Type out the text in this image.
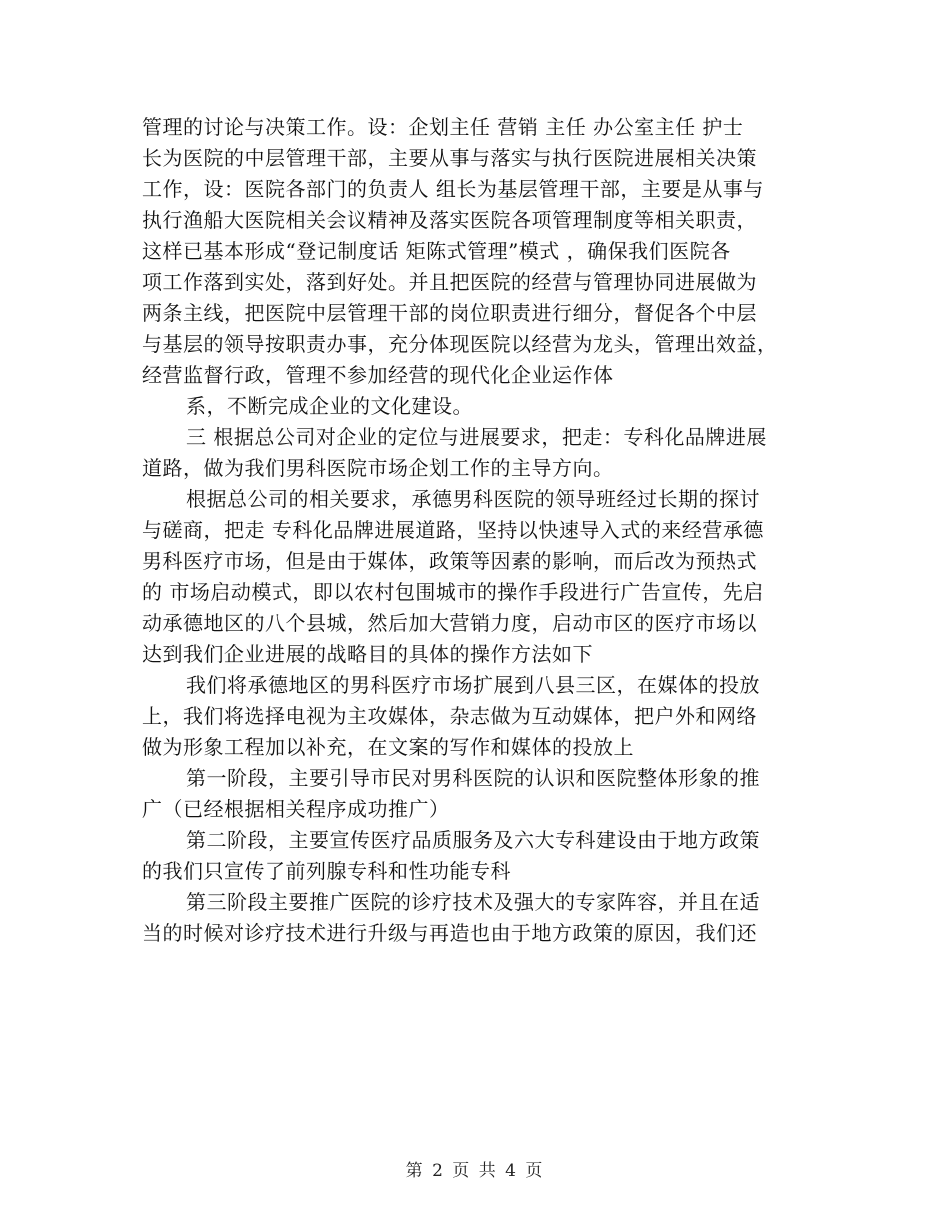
管理的讨论与决策工作。设：企划主任 营销 主任 办公室主任 护士
长为医院的中层管理干部，主要从事与落实与执行医院进展相关决策
工作，设：医院各部门的负责人 组长为基层管理干部，主要是从事与
执行渔船大医院相关会议精神及落实医院各项管理制度等相关职责，
这样已基本形成“登记制度话 矩陈式管理”模式 ，确保我们医院各
项工作落到实处，落到好处。并且把医院的经营与管理协同进展做为
两条主线，把医院中层管理干部的岗位职责进行细分，督促各个中层
与基层的领导按职责办事，充分体现医院以经营为龙头，管理出效益，
经营监督行政，管理不参加经营的现代化企业运作体
系，不断完成企业的文化建设。
三 根据总公司对企业的定位与进展要求，把走：专科化品牌进展
道路，做为我们男科医院市场企划工作的主导方向。
根据总公司的相关要求，承德男科医院的领导班经过长期的探讨
与磋商，把走 专科化品牌进展道路，坚持以快速导入式的来经营承德
男科医疗市场，但是由于媒体，政策等因素的影响，而后改为预热式
的 市场启动模式，即以农村包围城市的操作手段进行广告宣传，先启
动承德地区的八个县城，然后加大营销力度，启动市区的医疗市场以
达到我们企业进展的战略目的具体的操作方法如下
我们将承德地区的男科医疗市场扩展到八县三区，在媒体的投放
上，我们将选择电视为主攻媒体，杂志做为互动媒体，把户外和网络
做为形象工程加以补充，在文案的写作和媒体的投放上
第一阶段，主要引导市民对男科医院的认识和医院整体形象的推
广（已经根据相关程序成功推广）
第二阶段，主要宣传医疗品质服务及六大专科建设由于地方政策
的我们只宣传了前列腺专科和性功能专科
第三阶段主要推广医院的诊疗技术及强大的专家阵容，并且在适
当的时候对诊疗技术进行升级与再造也由于地方政策的原因，我们还
第 2 页 共 4 页
